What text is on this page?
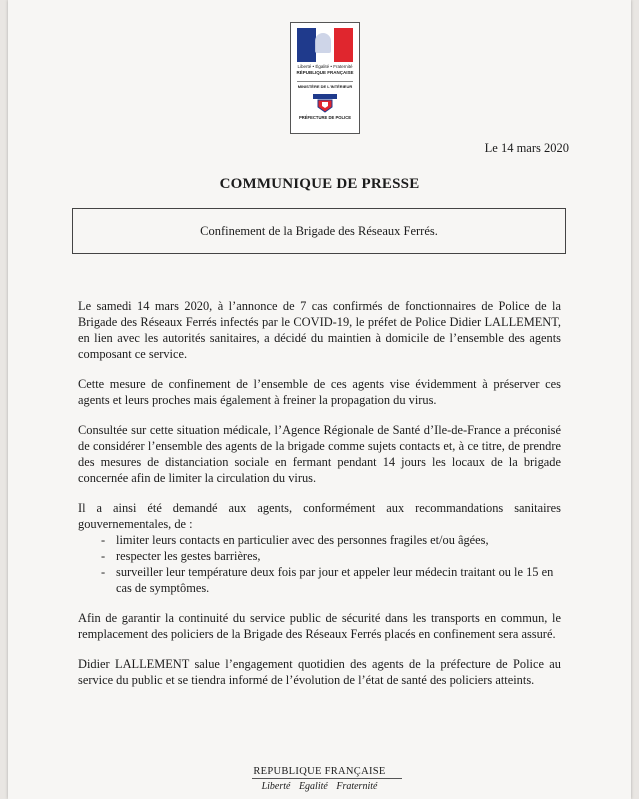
Liberté • Égalité • Fraternité
RÉPUBLIQUE FRANÇAISE
MINISTÈRE DE L'INTÉRIEUR
PRÉFECTURE DE POLICE
Le 14 mars 2020
COMMUNIQUE DE PRESSE
Confinement de la Brigade des Réseaux Ferrés.

Le samedi 14 mars 2020, à l’annonce de 7 cas confirmés de fonctionnaires de Police de la Brigade des Réseaux Ferrés infectés par le COVID-19, le préfet de Police Didier LALLEMENT, en lien avec les autorités sanitaires, a décidé du maintien à domicile de l’ensemble des agents composant ce service.

Cette mesure de confinement de l’ensemble de ces agents vise évidemment à préserver ces agents et leurs proches mais également à freiner la propagation du virus.

Consultée sur cette situation médicale, l’Agence Régionale de Santé d’Ile-de-France a préconisé de considérer l’ensemble des agents de la brigade comme sujets contacts et, à ce titre, de prendre des mesures de distanciation sociale en fermant pendant 14 jours les locaux de la brigade concernée afin de limiter la circulation du virus.

Il a ainsi été demandé aux agents, conformément aux recommandations sanitaires gouvernementales, de :

- limiter leurs contacts en particulier avec des personnes fragiles et/ou âgées,
- respecter les gestes barrières,
- surveiller leur température deux fois par jour et appeler leur médecin traitant ou le 15 en cas de symptômes.

Afin de garantir la continuité du service public de sécurité dans les transports en commun, le remplacement des policiers de la Brigade des Réseaux Ferrés placés en confinement sera assuré.

Didier LALLEMENT salue l’engagement quotidien des agents de la préfecture de Police au service du public et se tiendra informé de l’évolution de l’état de santé des policiers atteints.

REPUBLIQUE FRANÇAISE
Liberté Egalité Fraternité
